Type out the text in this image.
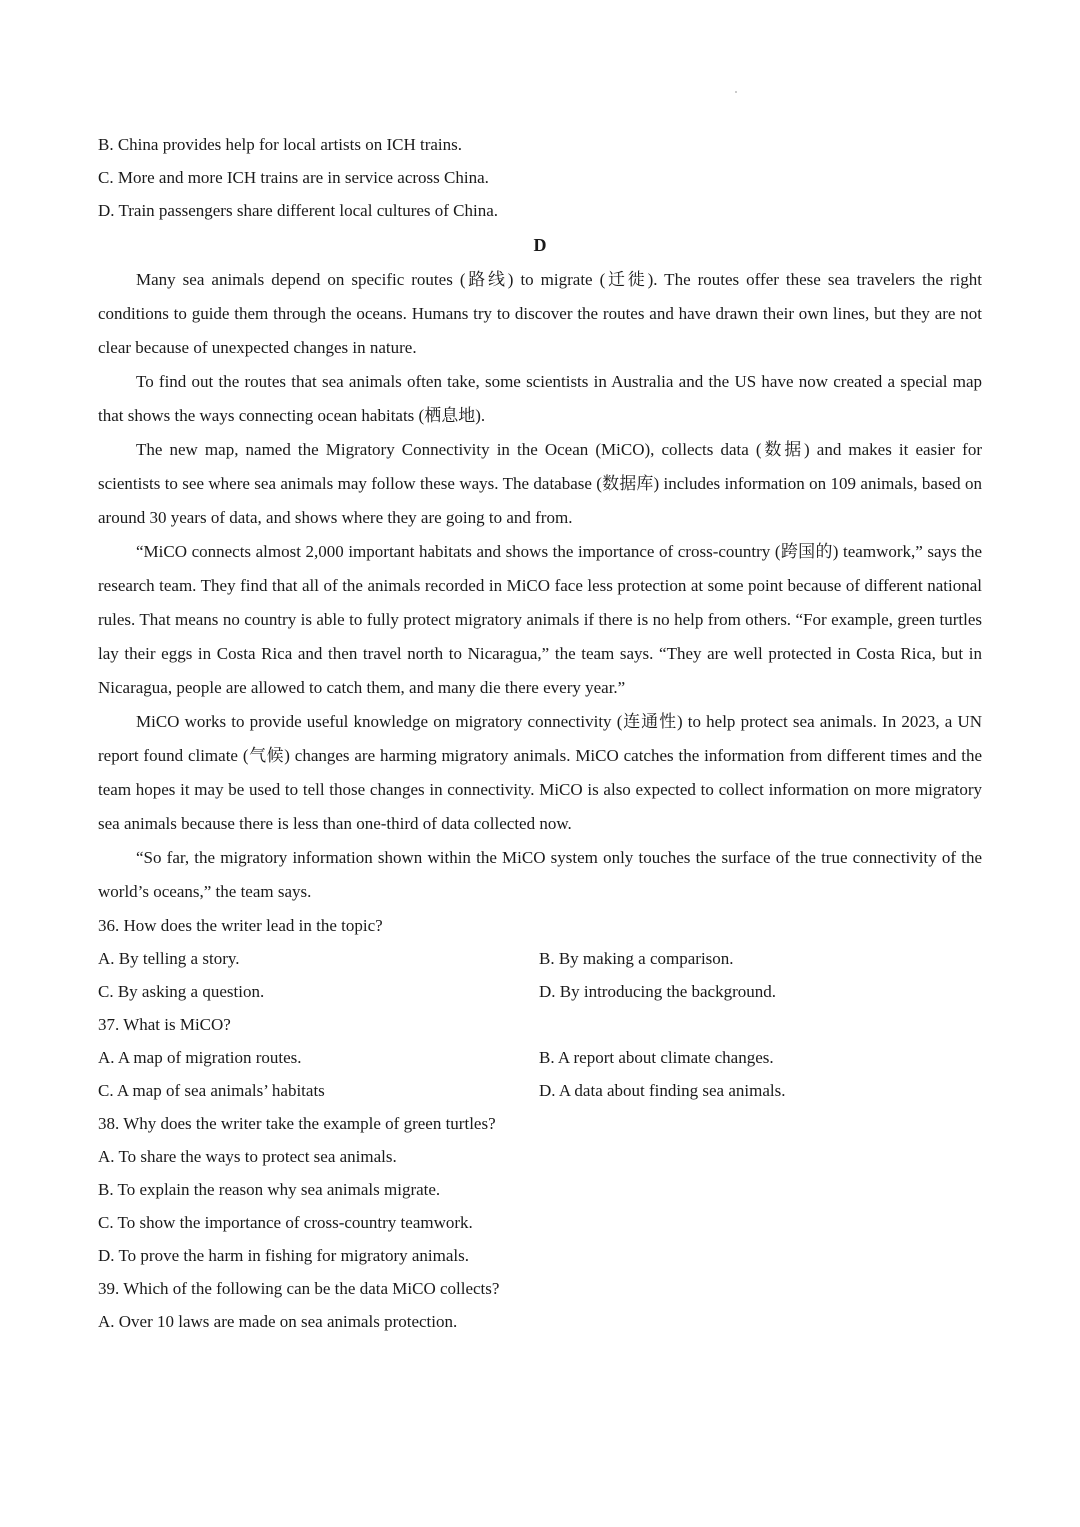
B. China provides help for local artists on ICH trains.
C. More and more ICH trains are in service across China.
D. Train passengers share different local cultures of China.
D

Many sea animals depend on specific routes (路线) to migrate (迁徙). The routes offer these sea travelers the right conditions to guide them through the oceans. Humans try to discover the routes and have drawn their own lines, but they are not clear because of unexpected changes in nature.

To find out the routes that sea animals often take, some scientists in Australia and the US have now created a special map that shows the ways connecting ocean habitats (栖息地).

The new map, named the Migratory Connectivity in the Ocean (MiCO), collects data (数据) and makes it easier for scientists to see where sea animals may follow these ways. The database (数据库) includes information on 109 animals, based on around 30 years of data, and shows where they are going to and from.

“MiCO connects almost 2,000 important habitats and shows the importance of cross-country (跨国的) teamwork,” says the research team. They find that all of the animals recorded in MiCO face less protection at some point because of different national rules. That means no country is able to fully protect migratory animals if there is no help from others. “For example, green turtles lay their eggs in Costa Rica and then travel north to Nicaragua,” the team says. “They are well protected in Costa Rica, but in Nicaragua, people are allowed to catch them, and many die there every year.”

MiCO works to provide useful knowledge on migratory connectivity (连通性) to help protect sea animals. In 2023, a UN report found climate (气候) changes are harming migratory animals. MiCO catches the information from different times and the team hopes it may be used to tell those changes in connectivity. MiCO is also expected to collect information on more migratory sea animals because there is less than one-third of data collected now.

“So far, the migratory information shown within the MiCO system only touches the surface of the true connectivity of the world’s oceans,” the team says.

36. How does the writer lead in the topic?
A. By telling a story.	B. By making a comparison.
C. By asking a question.	D. By introducing the background.
37. What is MiCO?
A. A map of migration routes.	B. A report about climate changes.
C. A map of sea animals’ habitats	D. A data about finding sea animals.
38. Why does the writer take the example of green turtles?
A. To share the ways to protect sea animals.
B. To explain the reason why sea animals migrate.
C. To show the importance of cross-country teamwork.
D. To prove the harm in fishing for migratory animals.
39. Which of the following can be the data MiCO collects?
A. Over 10 laws are made on sea animals protection.
